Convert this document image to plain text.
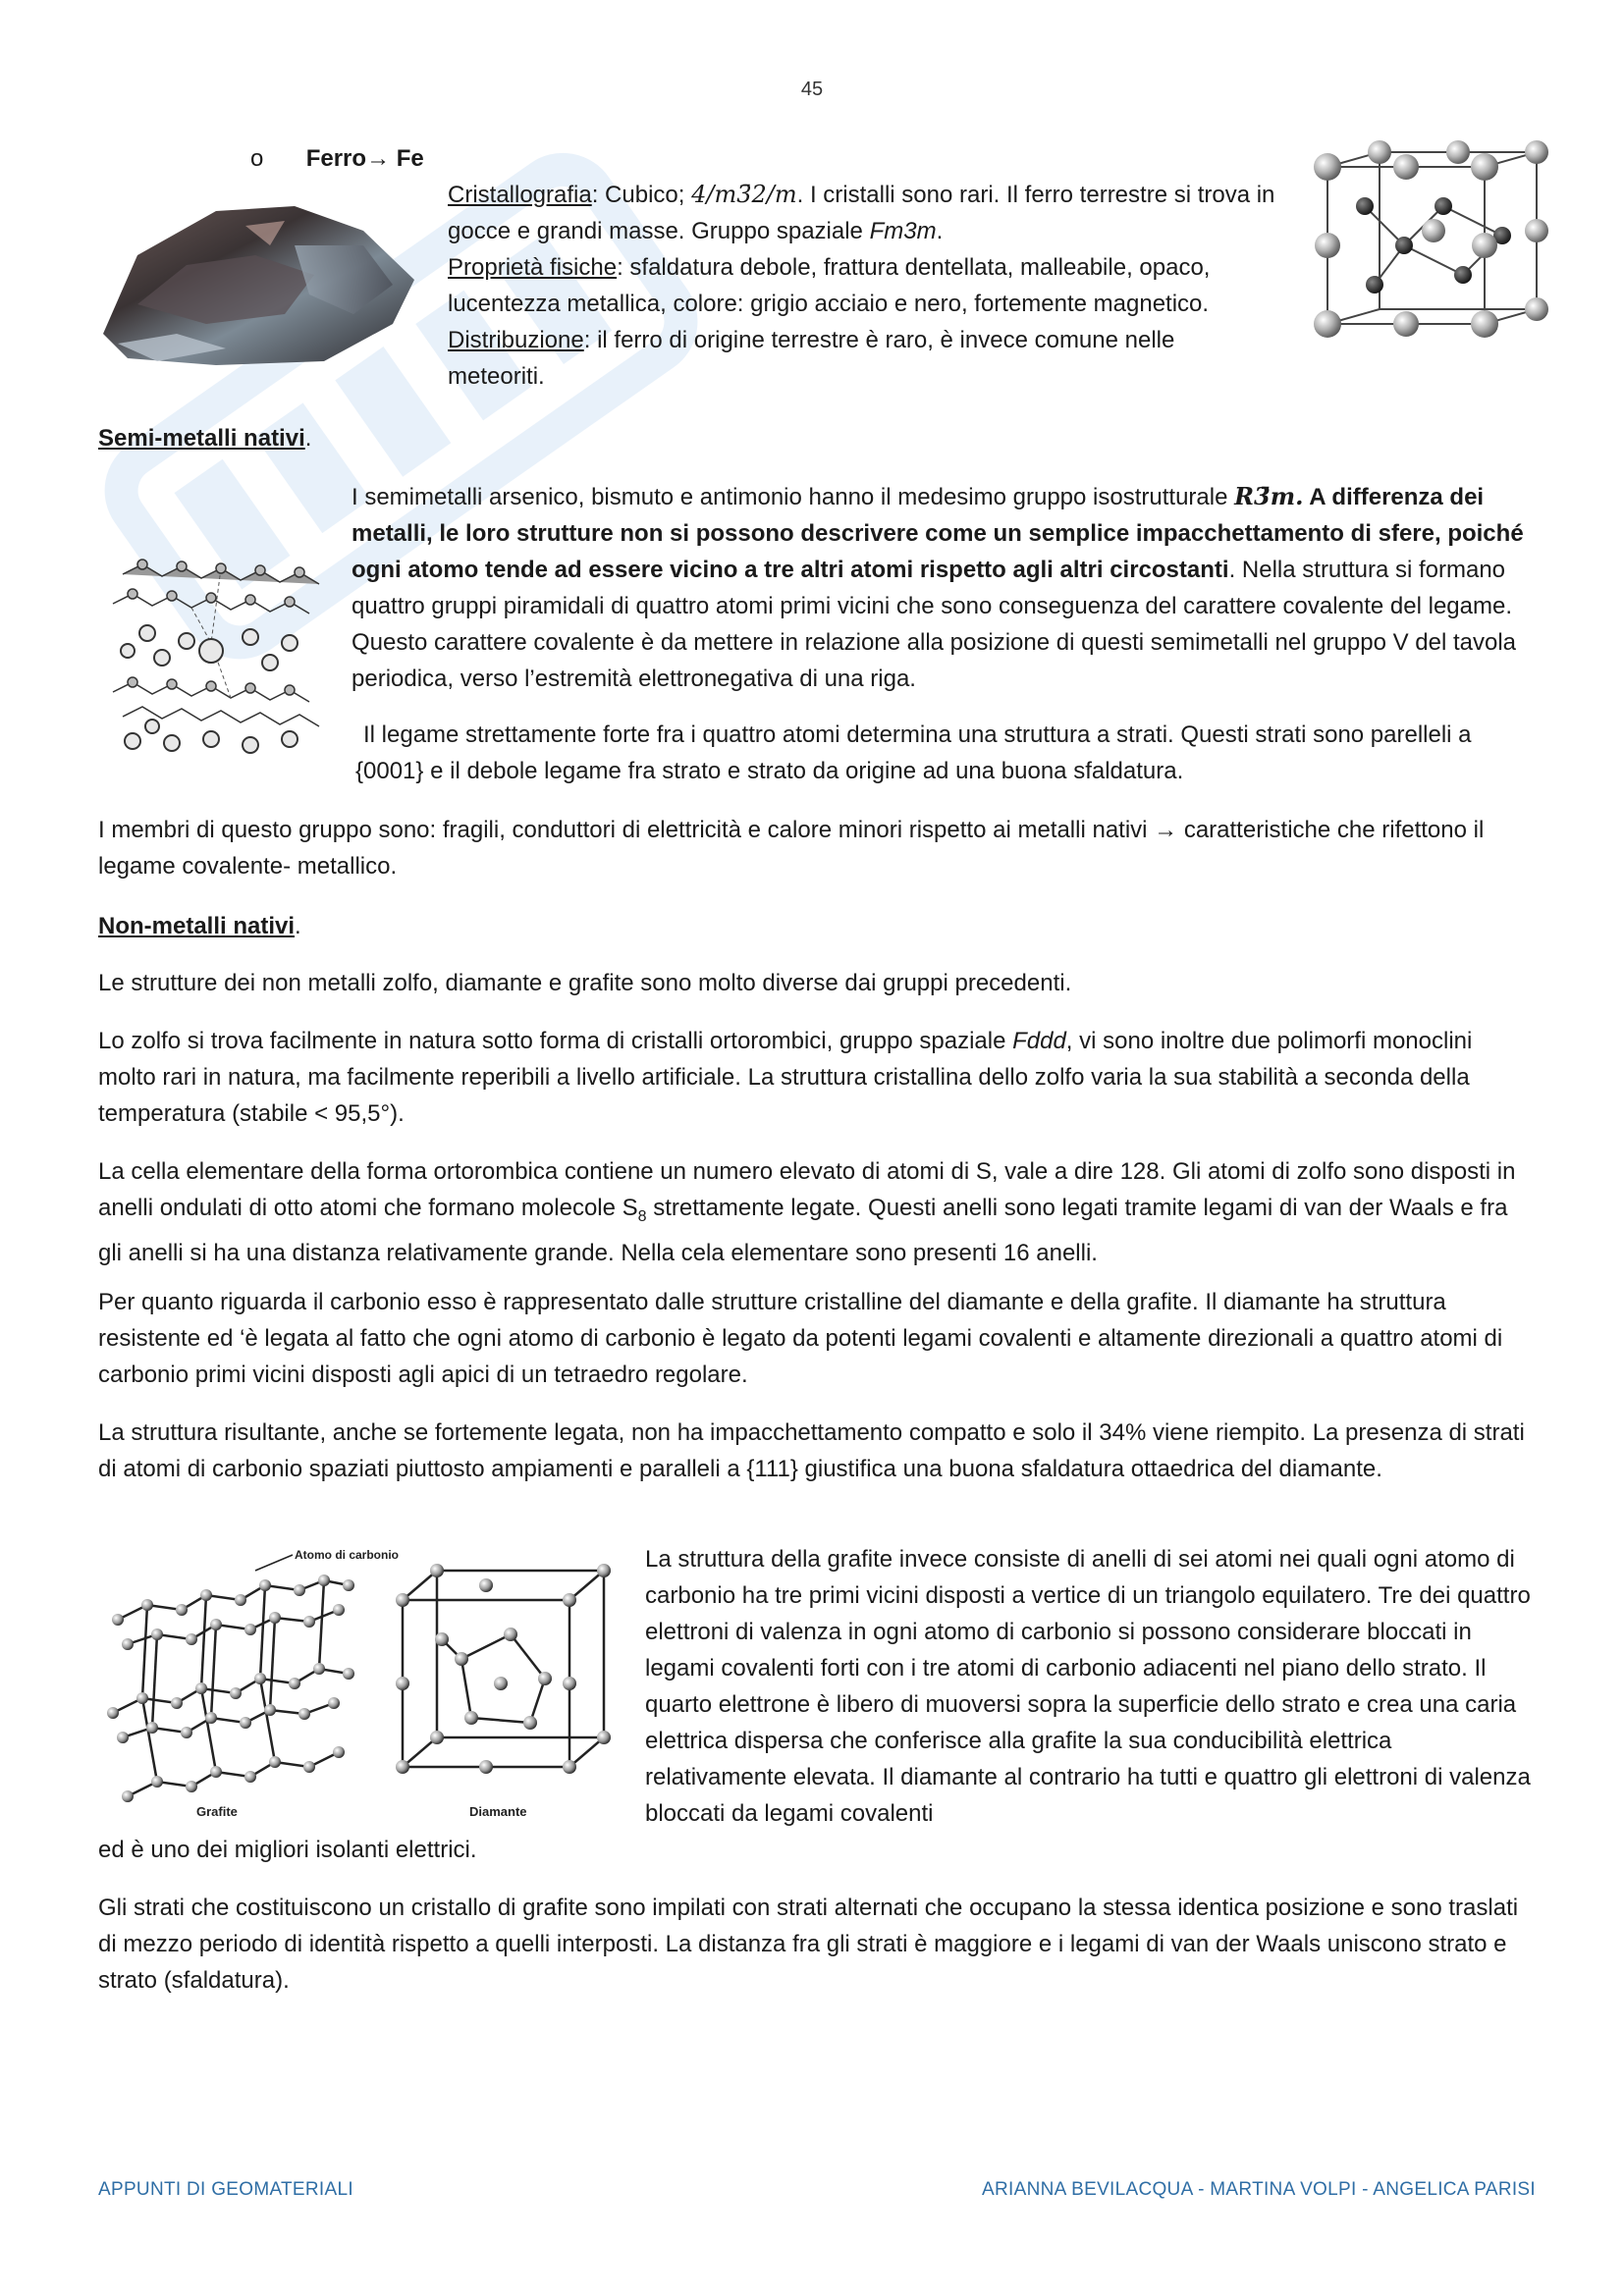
45
o Ferro→ Fe

Cristallografia: Cubico; 4/m3̄2/m. I cristalli sono rari. Il ferro terrestre si trova in gocce e grandi masse. Gruppo spaziale Fm3m.

Proprietà fisiche: sfaldatura debole, frattura dentellata, malleabile, opaco, lucentezza metallica, colore: grigio acciaio e nero, fortemente magnetico.

Distribuzione: il ferro di origine terrestre è raro, è invece comune nelle meteoriti.

Semi-metalli nativi.
I semimetalli arsenico, bismuto e antimonio hanno il medesimo gruppo isostrutturale R3̄m. A differenza dei metalli, le loro strutture non si possono descrivere come un semplice impacchettamento di sfere, poiché ogni atomo tende ad essere vicino a tre altri atomi rispetto agli altri circostanti. Nella struttura si formano quattro gruppi piramidali di quattro atomi primi vicini che sono conseguenza del carattere covalente del legame. Questo carattere covalente è da mettere in relazione alla posizione di questi semimetalli nel gruppo V del tavola periodica, verso l’estremità elettronegativa di una riga.

Il legame strettamente forte fra i quattro atomi determina una struttura a strati. Questi strati sono parelleli a {0001} e il debole legame fra strato e strato da origine ad una buona sfaldatura.

I membri di questo gruppo sono: fragili, conduttori di elettricità e calore minori rispetto ai metalli nativi → caratteristiche che rifettono il legame covalente- metallico.

Non-metalli nativi.

Le strutture dei non metalli zolfo, diamante e grafite sono molto diverse dai gruppi precedenti.

Lo zolfo si trova facilmente in natura sotto forma di cristalli ortorombici, gruppo spaziale Fddd, vi sono inoltre due polimorfi monoclini molto rari in natura, ma facilmente reperibili a livello artificiale. La struttura cristallina dello zolfo varia la sua stabilità a seconda della temperatura (stabile < 95,5°).

La cella elementare della forma ortorombica contiene un numero elevato di atomi di S, vale a dire 128. Gli atomi di zolfo sono disposti in anelli ondulati di otto atomi che formano molecole $S_8$ strettamente legate. Questi anelli sono legati tramite legami di van der Waals e fra gli anelli si ha una distanza relativamente grande. Nella cela elementare sono presenti 16 anelli.

Per quanto riguarda il carbonio esso è rappresentato dalle strutture cristalline del diamante e della grafite. Il diamante ha struttura resistente ed ‘è legata al fatto che ogni atomo di carbonio è legato da potenti legami covalenti e altamente direzionali a quattro atomi di carbonio primi vicini disposti agli apici di un tetraedro regolare.

La struttura risultante, anche se fortemente legata, non ha impacchettamento compatto e solo il 34% viene riempito. La presenza di strati di atomi di carbonio spaziati piuttosto ampiamenti e paralleli a {111} giustifica una buona sfaldatura ottaedrica del diamante.

Atomo di carbonio
Grafite	Diamante

La struttura della grafite invece consiste di anelli di sei atomi nei quali ogni atomo di carbonio ha tre primi vicini disposti a vertice di un triangolo equilatero. Tre dei quattro elettroni di valenza in ogni atomo di carbonio si possono considerare bloccati in legami covalenti forti con i tre atomi di carbonio adiacenti nel piano dello strato. Il quarto elettrone è libero di muoversi sopra la superficie dello strato e crea una caria elettrica dispersa che conferisce alla grafite la sua conducibilità elettrica relativamente elevata. Il diamante al contrario ha tutti e quattro gli elettroni di valenza bloccati da legami covalenti

ed è uno dei migliori isolanti elettrici.

Gli strati che costituiscono un cristallo di grafite sono impilati con strati alternati che occupano la stessa identica posizione e sono traslati di mezzo periodo di identità rispetto a quelli interposti. La distanza fra gli strati è maggiore e i legami di van der Waals uniscono strato e strato (sfaldatura).

APPUNTI DI GEOMATERIALI	ARIANNA BEVILACQUA - MARTINA VOLPI - ANGELICA PARISI
